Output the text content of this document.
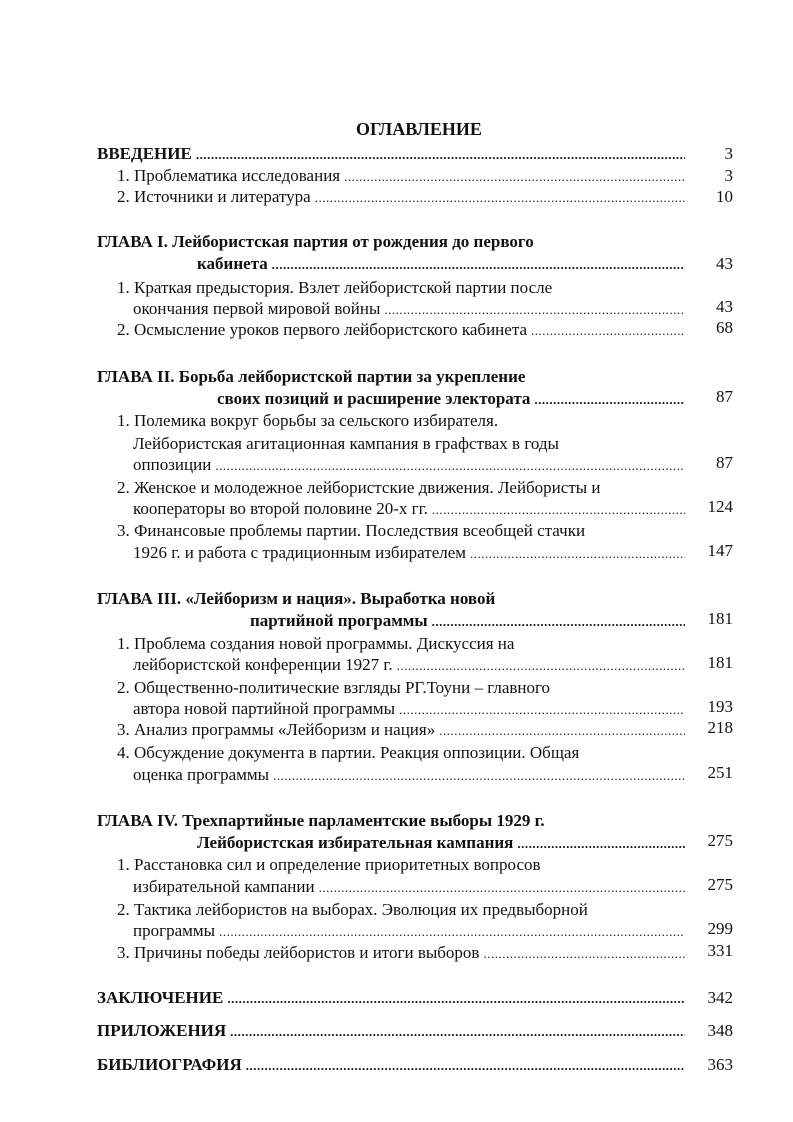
ОГЛАВЛЕНИЕ
ВВЕДЕНИЕ .....	3
1. Проблематика исследования .....	3
2. Источники и литература .....	10
ГЛАВА I. Лейбористская партия от рождения до первого
кабинета .....	43
1. Краткая предыстория. Взлет лейбористской партии после
окончания первой мировой войны .....	43
2. Осмысление уроков первого лейбористского кабинета .....	68
ГЛАВА II. Борьба лейбористской партии за укрепление
своих позиций и расширение электората .....	87
1. Полемика вокруг борьбы за сельского избирателя.
Лейбористская агитационная кампания в графствах в годы
оппозиции .....	87
2. Женское и молодежное лейбористские движения. Лейбористы и
кооператоры во второй половине 20-х гг. .....	124
3. Финансовые проблемы партии. Последствия всеобщей стачки
1926 г. и работа с традиционным избирателем .....	147
ГЛАВА III. «Лейборизм и нация». Выработка новой
партийной программы .....	181
1. Проблема создания новой программы. Дискуссия на
лейбористской конференции 1927 г. .....	181
2. Общественно-политические взгляды РГ.Тоуни – главного
автора новой партийной программы .....	193
3. Анализ программы «Лейборизм и нация» .....	218
4. Обсуждение документа в партии. Реакция оппозиции. Общая
оценка программы .....	251
ГЛАВА IV. Трехпартийные парламентские выборы 1929 г.
Лейбористская избирательная кампания .....	275
1. Расстановка сил и определение приоритетных вопросов
избирательной кампании .....	275
2. Тактика лейбористов на выборах. Эволюция их предвыборной
программы .....	299
3. Причины победы лейбористов и итоги выборов .....	331
ЗАКЛЮЧЕНИЕ .....	342
ПРИЛОЖЕНИЯ .....	348
БИБЛИОГРАФИЯ .....	363
